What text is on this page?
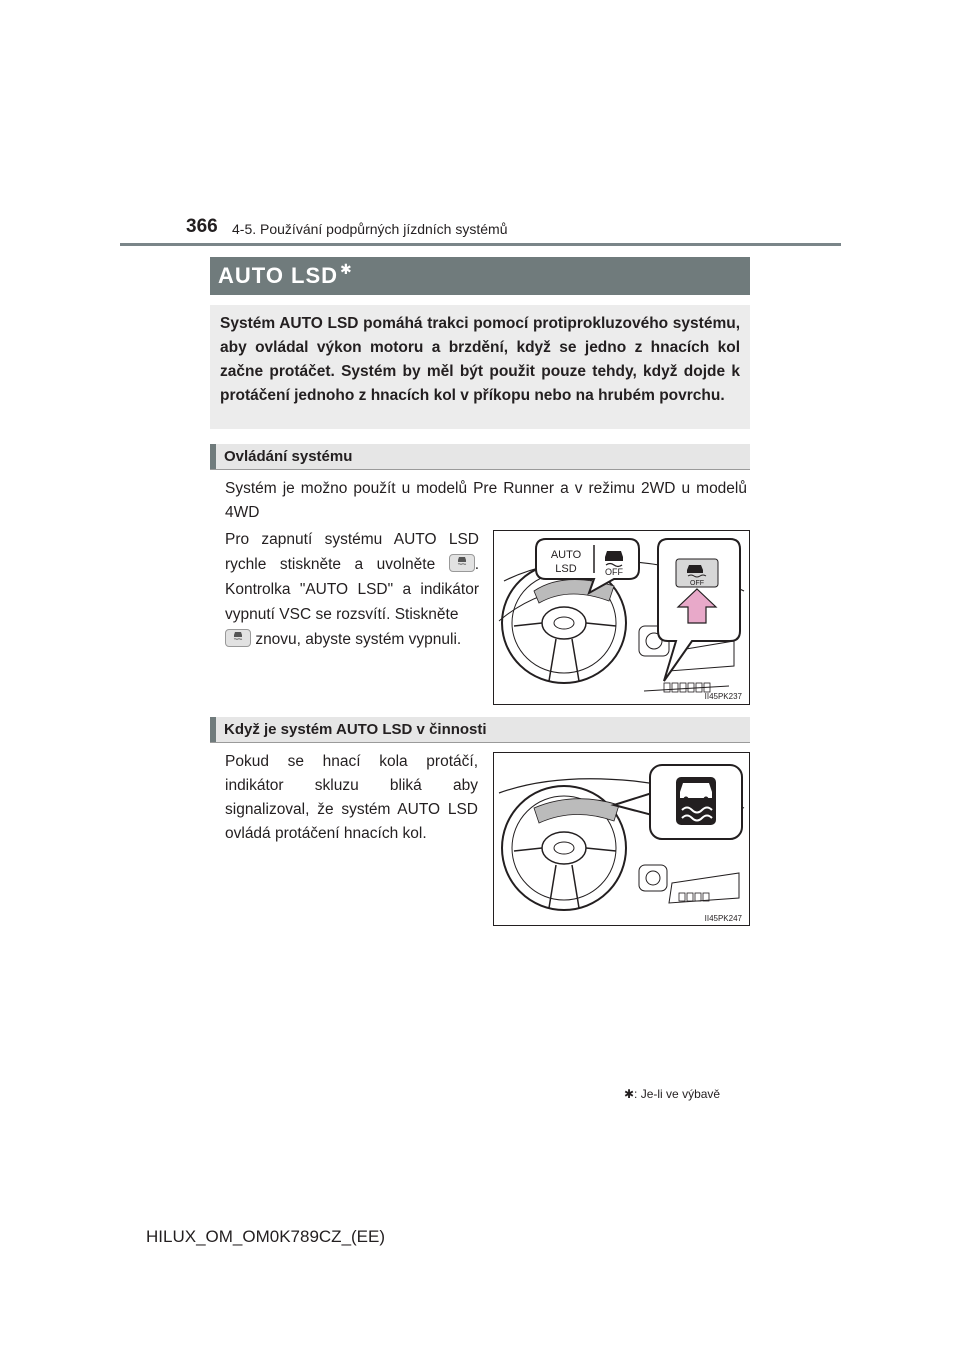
366 4-5. Používání podpůrných jízdních systémů
AUTO LSD ✱

Systém AUTO LSD pomáhá trakci pomocí protiprokluzového systému, aby ovládal výkon motoru a brzdění, když se jedno z hnacích kol začne protáčet. Systém by měl být použit pouze tehdy, když dojde k protáčení jednoho z hnacích kol v příkopu nebo na hrubém povrchu.

Ovládání systému

Systém je možno použít u modelů Pre Runner a v režimu 2WD u modelů 4WD

Pro zapnutí systému AUTO LSD rychle stiskněte a uvolněte	. Kontrolka "AUTO LSD" a indikátor vypnutí VSC se rozsvítí. Stiskněte

znovu, abyste systém vypnuli.

AUTO
LSD	OFF
OFF
II45PK237
Když je systém AUTO LSD v činnosti

Pokud se hnací kola protáčí, indikátor skluzu bliká aby signalizoval, že systém AUTO LSD ovládá protáčení hnacích kol.

II45PK247
✱: Je-li ve výbavě
HILUX_OM_OM0K789CZ_(EE)
